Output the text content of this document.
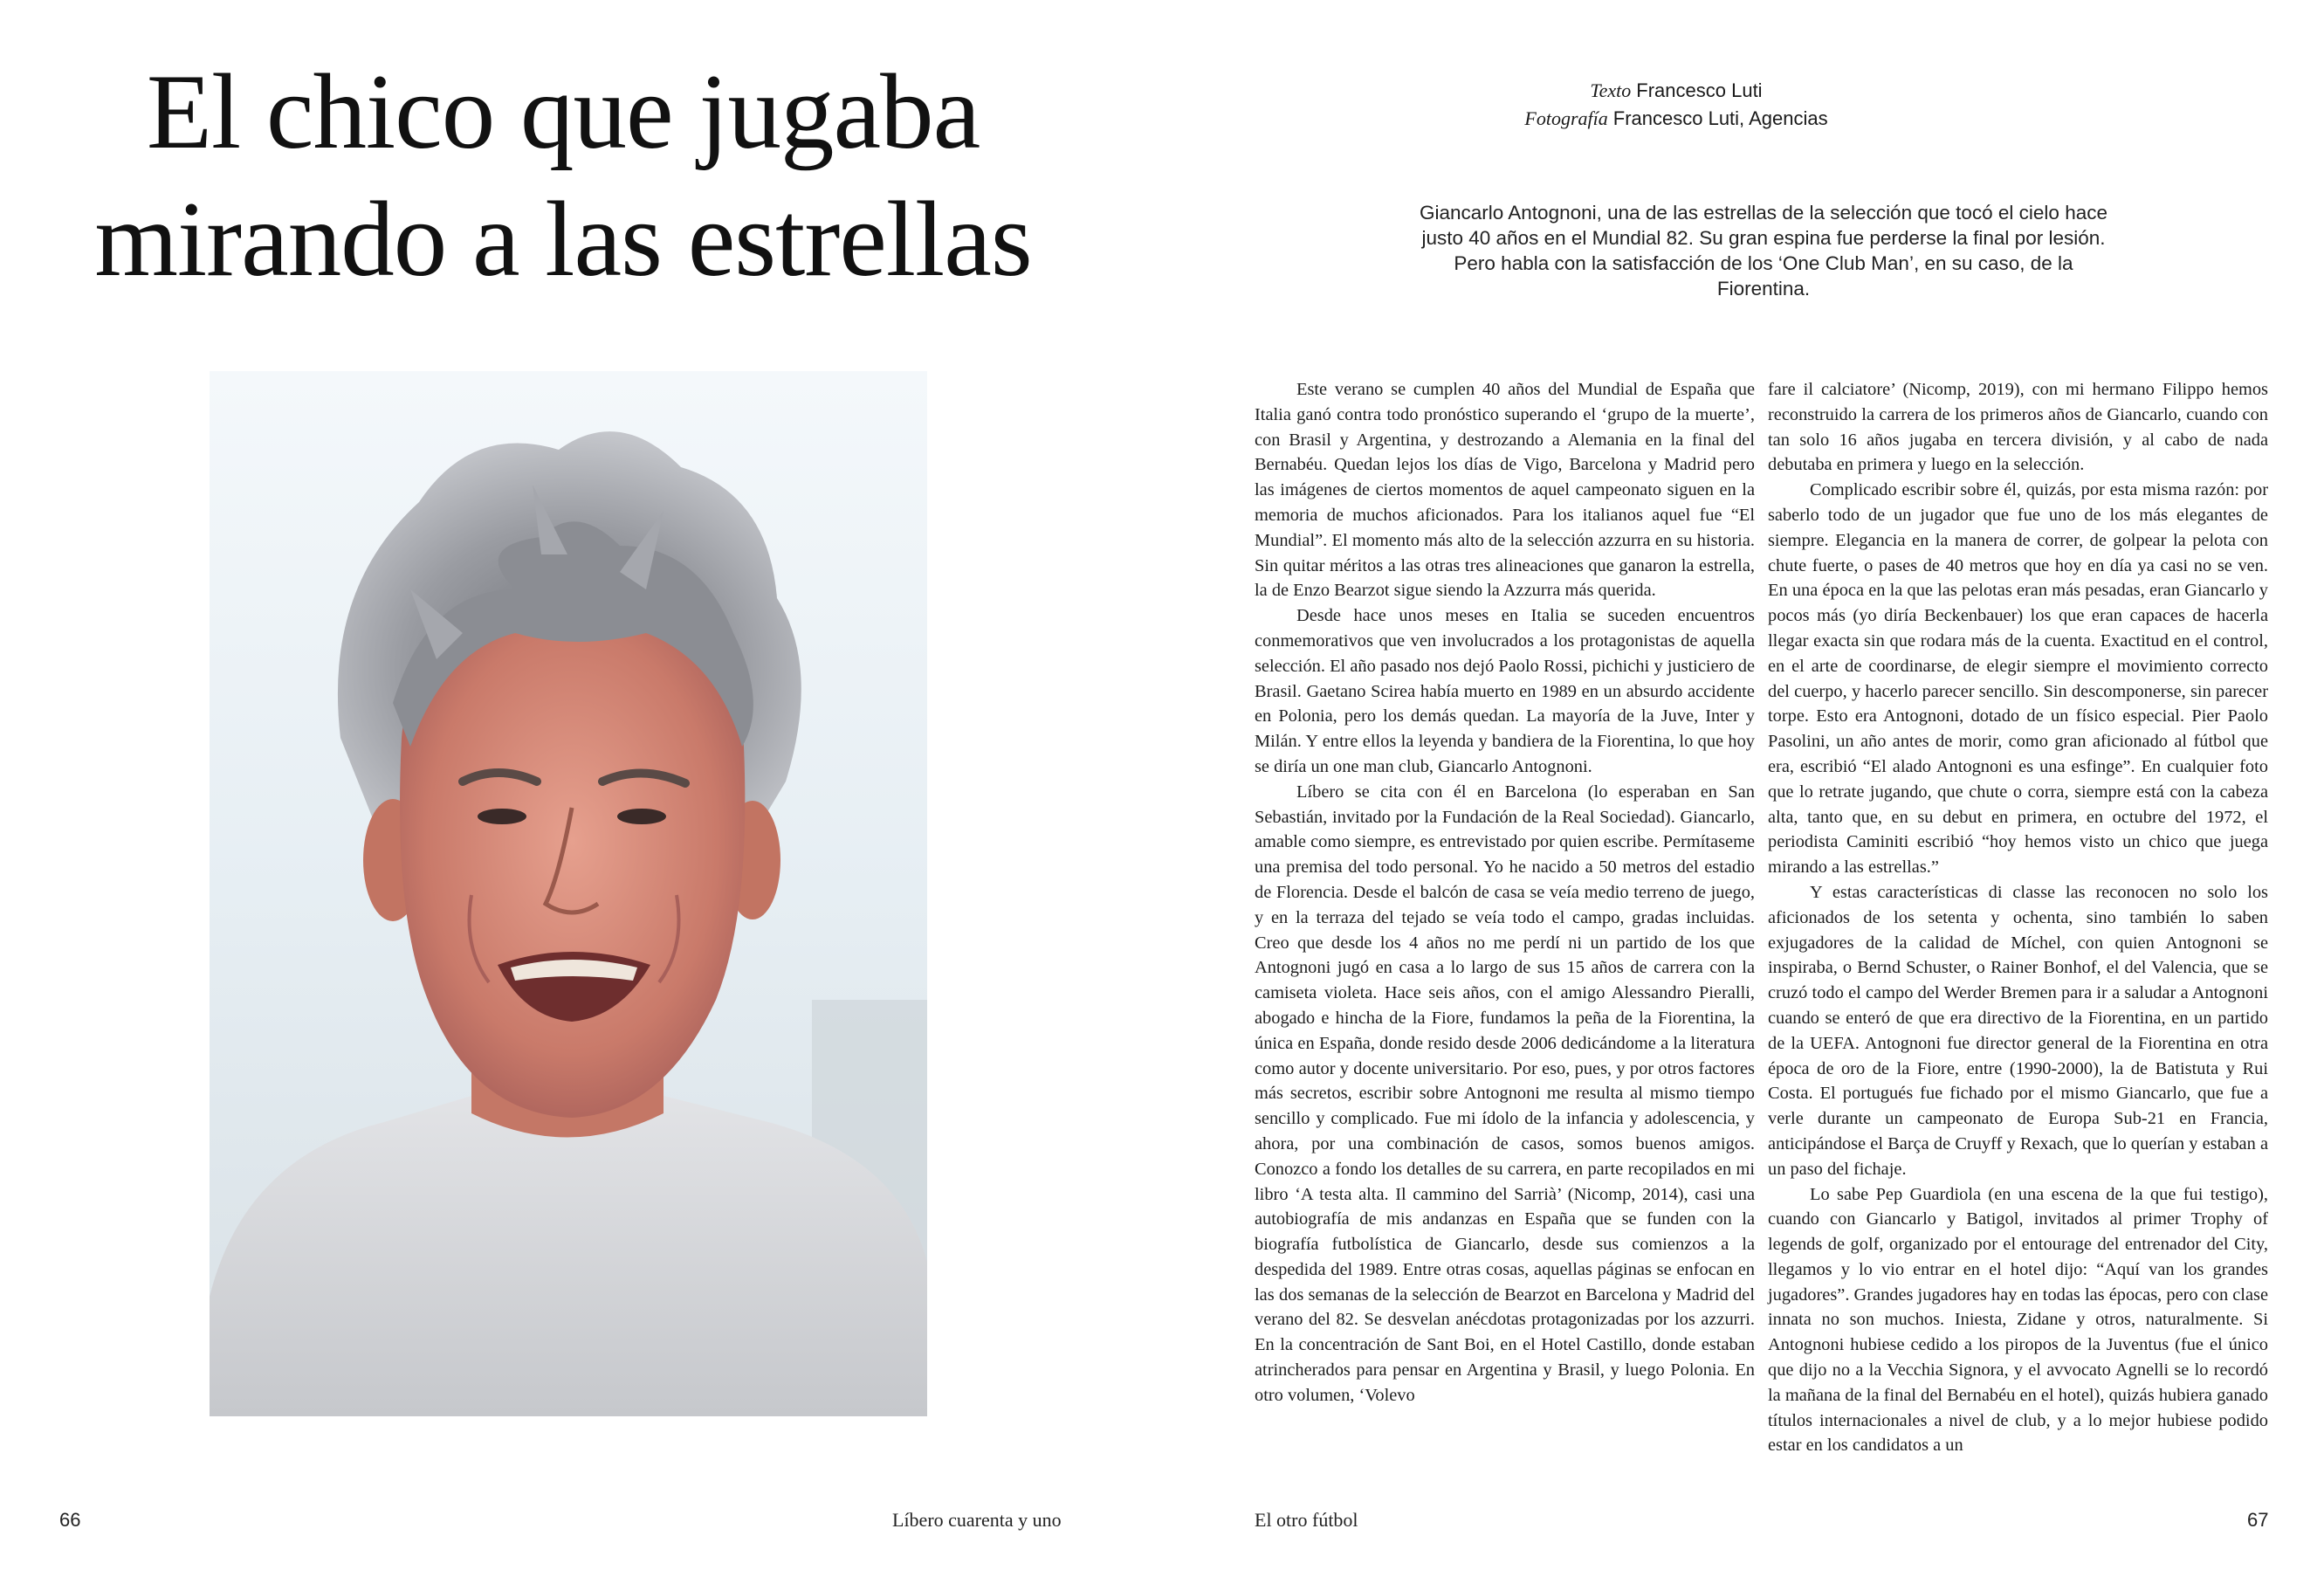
El chico que jugaba
mirando a las estrellas
Texto Francesco Luti
Fotografía Francesco Luti, Agencias
Giancarlo Antognoni, una de las estrellas de la selección que tocó el cielo hace justo 40 años en el Mundial 82. Su gran espina fue perderse la final por lesión. Pero habla con la satisfacción de los ‘One Club Man’, en su caso, de la Fiorentina.

Este verano se cumplen 40 años del Mundial de España que Italia ganó contra todo pronóstico superando el ‘grupo de la muerte’, con Brasil y Argentina, y destrozando a Alemania en la final del Bernabéu. Quedan lejos los días de Vigo, Barcelona y Madrid pero las imágenes de ciertos momentos de aquel campeonato siguen en la memoria de muchos aficionados. Para los italianos aquel fue “El Mundial”. El momento más alto de la selección azzurra en su historia. Sin quitar méritos a las otras tres alineaciones que ganaron la estrella, la de Enzo Bearzot sigue siendo la Azzurra más querida.

Desde hace unos meses en Italia se suceden encuentros conmemorativos que ven involucrados a los protagonistas de aquella selección. El año pasado nos dejó Paolo Rossi, pichichi y justiciero de Brasil. Gaetano Scirea había muerto en 1989 en un absurdo accidente en Polonia, pero los demás quedan. La mayoría de la Juve, Inter y Milán. Y entre ellos la leyenda y bandiera de la Fiorentina, lo que hoy se diría un one man club, Giancarlo Antognoni.

Líbero se cita con él en Barcelona (lo esperaban en San Sebastián, invitado por la Fundación de la Real Sociedad). Giancarlo, amable como siempre, es entrevistado por quien escribe. Permítaseme una premisa del todo personal. Yo he nacido a 50 metros del estadio de Florencia. Desde el balcón de casa se veía medio terreno de juego, y en la terraza del tejado se veía todo el campo, gradas incluidas. Creo que desde los 4 años no me perdí ni un partido de los que Antognoni jugó en casa a lo largo de sus 15 años de carrera con la camiseta violeta. Hace seis años, con el amigo Alessandro Pieralli, abogado e hincha de la Fiore, fundamos la peña de la Fiorentina, la única en España, donde resido desde 2006 dedicándome a la literatura como autor y docente universitario. Por eso, pues, y por otros factores más secretos, escribir sobre Antognoni me resulta al mismo tiempo sencillo y complicado. Fue mi ídolo de la infancia y adolescencia, y ahora, por una combinación de casos, somos buenos amigos. Conozco a fondo los detalles de su carrera, en parte recopilados en mi libro ‘A testa alta. Il cammino del Sarrià’ (Nicomp, 2014), casi una autobiografía de mis andanzas en España que se funden con la biografía futbolística de Giancarlo, desde sus comienzos a la despedida del 1989. Entre otras cosas, aquellas páginas se enfocan en las dos semanas de la selección de Bearzot en Barcelona y Madrid del verano del 82. Se desvelan anécdotas protagonizadas por los azzurri. En la concentración de Sant Boi, en el Hotel Castillo, donde estaban atrincherados para pensar en Argentina y Brasil, y luego Polonia. En otro volumen, ‘Volevo

fare il calciatore’ (Nicomp, 2019), con mi hermano Filippo hemos reconstruido la carrera de los primeros años de Giancarlo, cuando con tan solo 16 años jugaba en tercera división, y al cabo de nada debutaba en primera y luego en la selección.

Complicado escribir sobre él, quizás, por esta misma razón: por saberlo todo de un jugador que fue uno de los más elegantes de siempre. Elegancia en la manera de correr, de golpear la pelota con chute fuerte, o pases de 40 metros que hoy en día ya casi no se ven. En una época en la que las pelotas eran más pesadas, eran Giancarlo y pocos más (yo diría Beckenbauer) los que eran capaces de hacerla llegar exacta sin que rodara más de la cuenta. Exactitud en el control, en el arte de coordinarse, de elegir siempre el movimiento correcto del cuerpo, y hacerlo parecer sencillo. Sin descomponerse, sin parecer torpe. Esto era Antognoni, dotado de un físico especial. Pier Paolo Pasolini, un año antes de morir, como gran aficionado al fútbol que era, escribió “El alado Antognoni es una esfinge”. En cualquier foto que lo retrate jugando, que chute o corra, siempre está con la cabeza alta, tanto que, en su debut en primera, en octubre del 1972, el periodista Caminiti escribió “hoy hemos visto un chico que juega mirando a las estrellas.”

Y estas características di classe las reconocen no solo los aficionados de los setenta y ochenta, sino también lo saben exjugadores de la calidad de Míchel, con quien Antognoni se inspiraba, o Bernd Schuster, o Rainer Bonhof, el del Valencia, que se cruzó todo el campo del Werder Bremen para ir a saludar a Antognoni cuando se enteró de que era directivo de la Fiorentina, en un partido de la UEFA. Antognoni fue director general de la Fiorentina en otra época de oro de la Fiore, entre (1990-2000), la de Batistuta y Rui Costa. El portugués fue fichado por el mismo Giancarlo, que fue a verle durante un campeonato de Europa Sub-21 en Francia, anticipándose el Barça de Cruyff y Rexach, que lo querían y estaban a un paso del fichaje.

Lo sabe Pep Guardiola (en una escena de la que fui testigo), cuando con Giancarlo y Batigol, invitados al primer Trophy of legends de golf, organizado por el entourage del entrenador del City, llegamos y lo vio entrar en el hotel dijo: “Aquí van los grandes jugadores”. Grandes jugadores hay en todas las épocas, pero con clase innata no son muchos. Iniesta, Zidane y otros, naturalmente. Si Antognoni hubiese cedido a los piropos de la Juventus (fue el único que dijo no a la Vecchia Signora, y el avvocato Agnelli se lo recordó la mañana de la final del Bernabéu en el hotel), quizás hubiera ganado títulos internacionales a nivel de club, y a lo mejor hubiese podido estar en los candidatos a un

66	Líbero cuarenta y uno	El otro fútbol	67
